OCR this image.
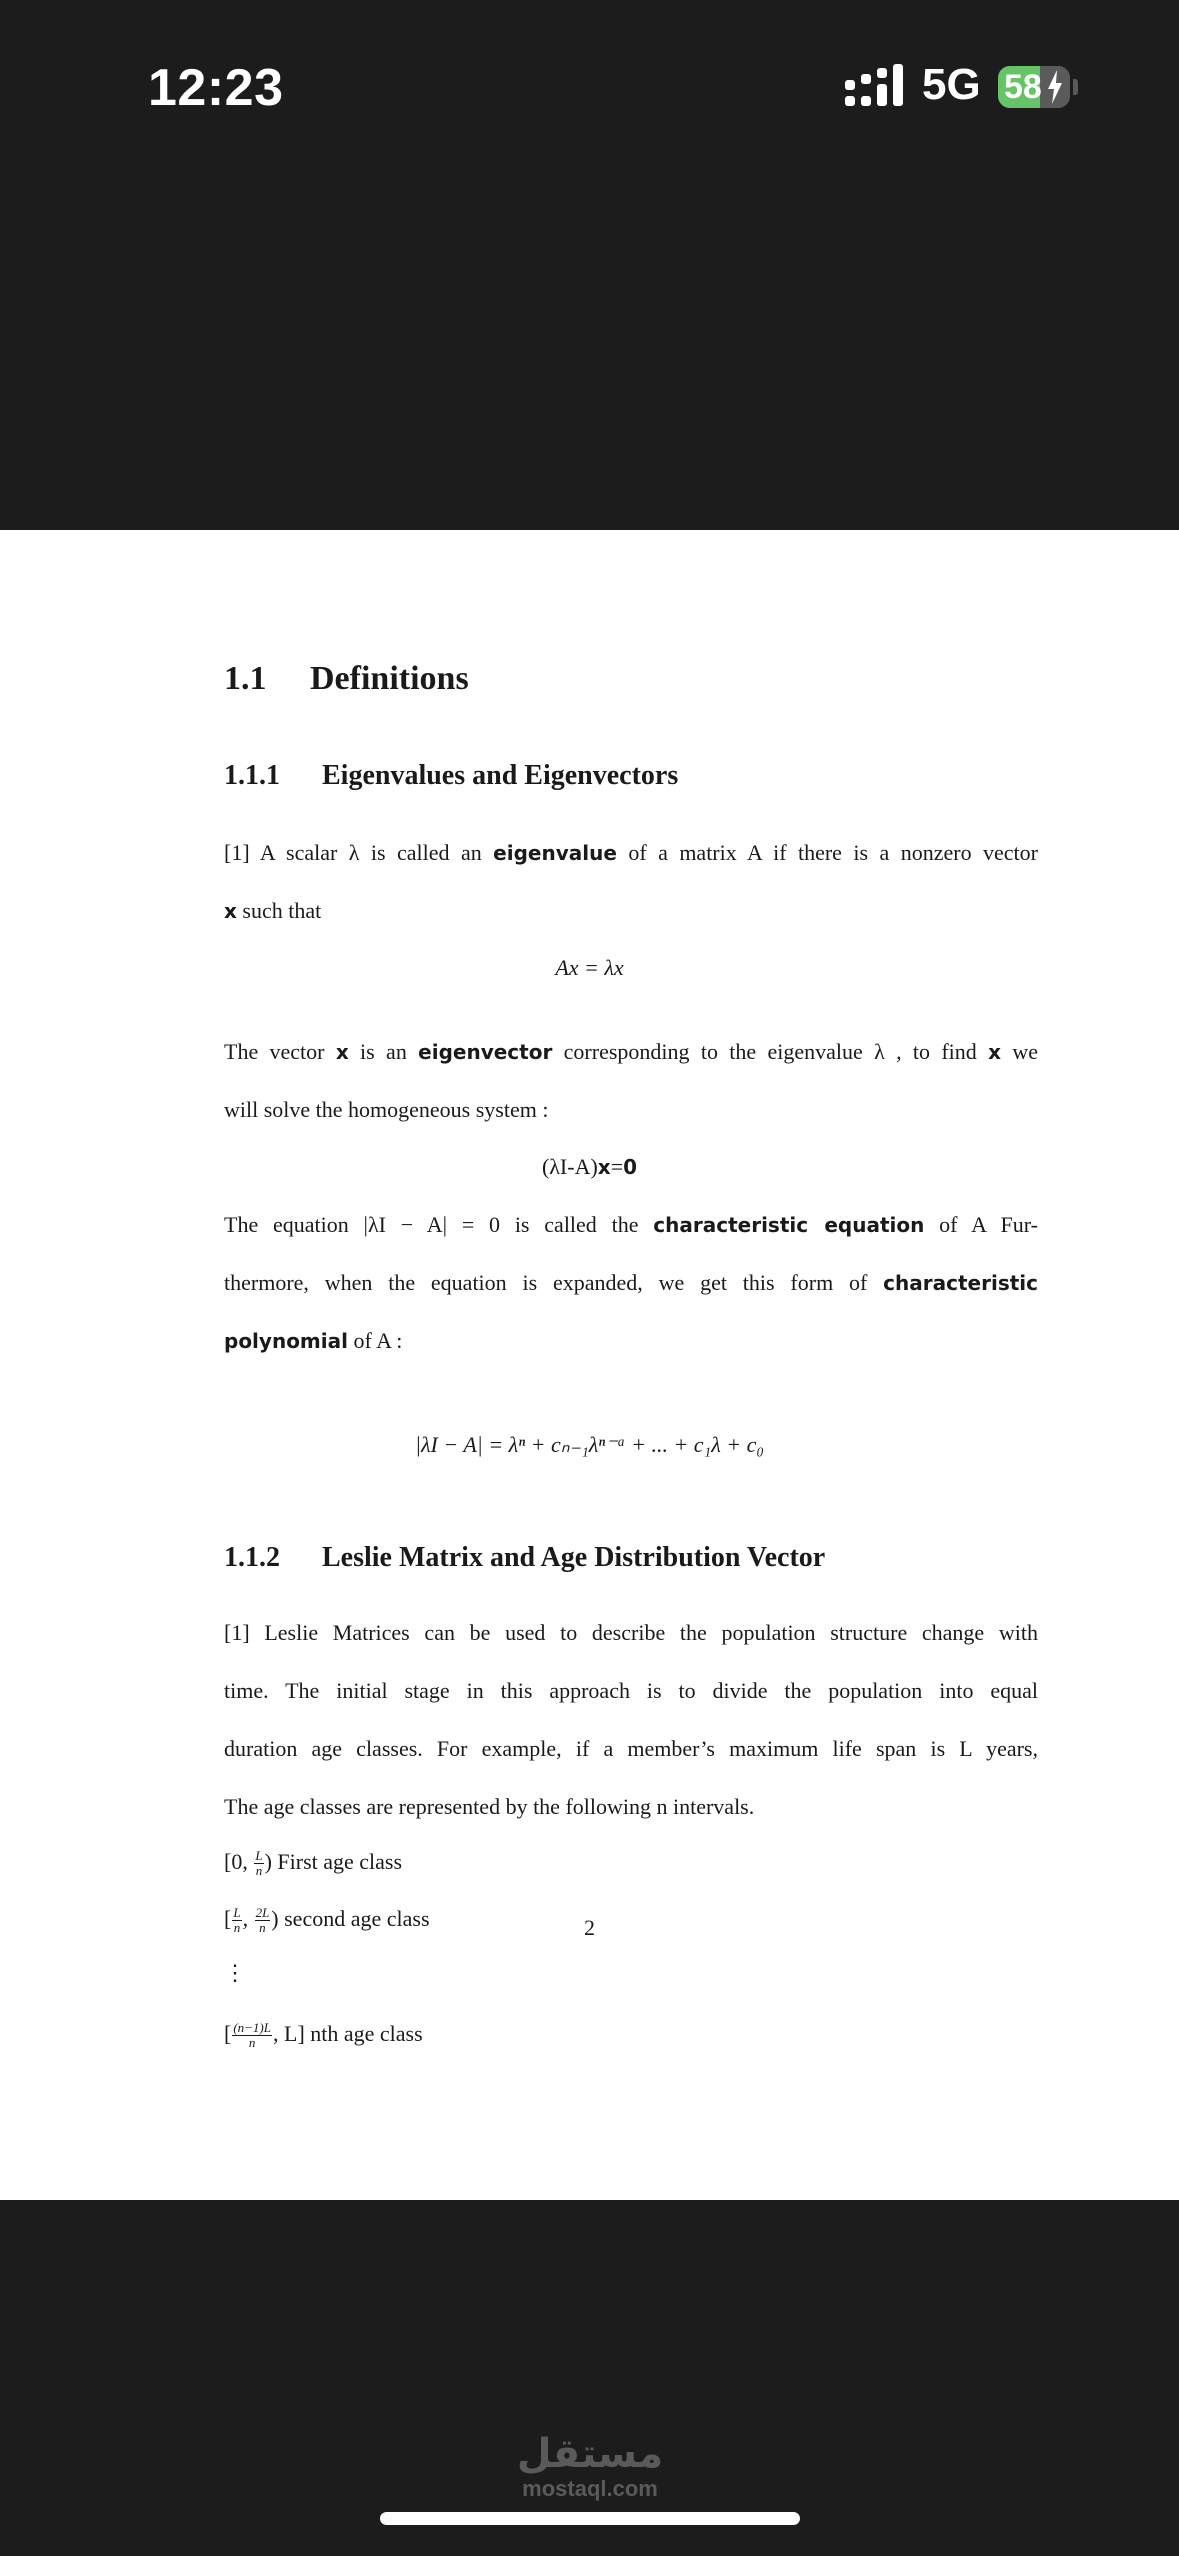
12:23	5G 58
1.1 Definitions
1.1.1 Eigenvalues and Eigenvectors
[1] A scalar λ is called an eigenvalue of a matrix A if there is a nonzero vector
x such that
Ax = λx
The vector x is an eigenvector corresponding to the eigenvalue λ , to find x we
will solve the homogeneous system :
(λI-A)x=0
The equation |λI − A| = 0 is called the characteristic equation of A Fur-
thermore, when the equation is expanded, we get this form of characteristic
polynomial of A :
|λI − A| = λⁿ + cₙ₋₁λⁿ⁻ᵃ + ... + c₁λ + c₀
1.1.2 Leslie Matrix and Age Distribution Vector
[1] Leslie Matrices can be used to describe the population structure change with
time. The initial stage in this approach is to divide the population into equal
duration age classes. For example, if a member’s maximum life span is L years,
The age classes are represented by the following n intervals.
[0, $\frac{L}{n}$ ) First age class
[ $\frac{L}{n}$ , $\frac{2L}{n}$ ) second age class
⋮
[ $\frac{(n-1)L}{n}$ , L] nth age class
2
مستقل
mostaql.com
